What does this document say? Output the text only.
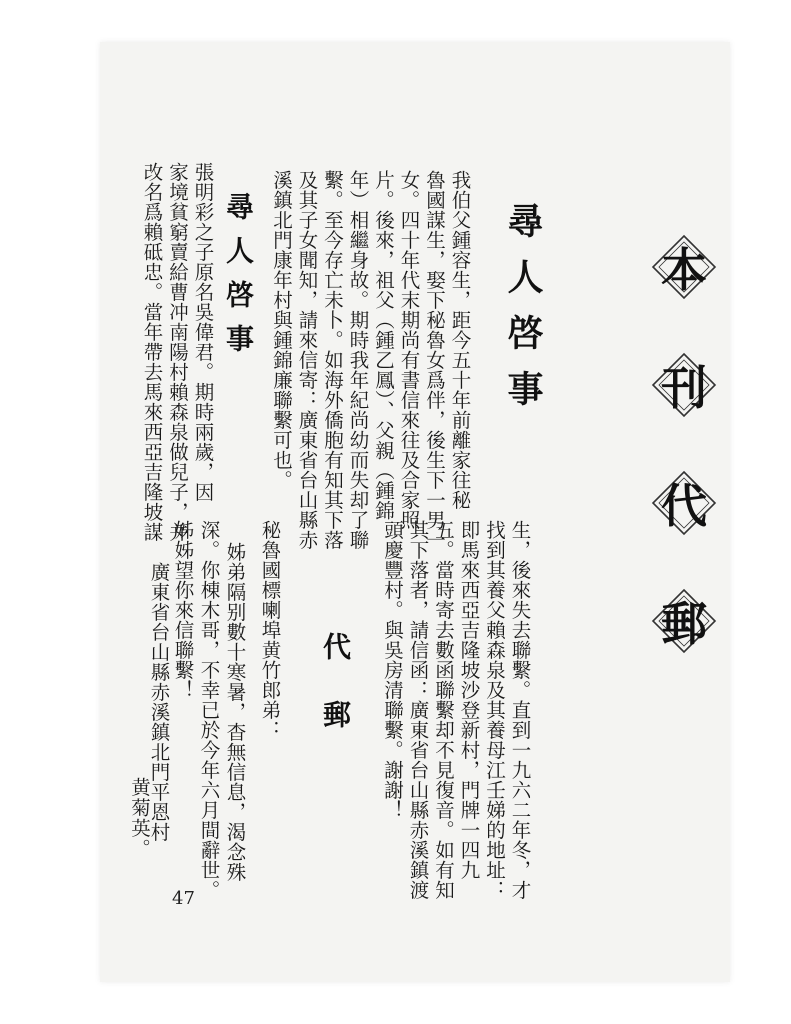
本
刊
代
郵
尋人啓事
我伯父鍾容生，距今五十年前離家往秘
魯國謀生，娶下秘魯女爲伴，後生下一男一
女。四十年代末期尚有書信來往及合家照
片。後來，祖父（鍾乙鳳）、父親（鍾錦
年）相繼身故。期時我年紀尚幼而失却了聯
繫。至今存亡未卜。如海外僑胞有知其下落
及其子女聞知，請來信寄：廣東省台山縣赤
溪鎮北門康年村與鍾錦廉聯繫可也。
尋人啓事
張明彩之子原名吳偉君。期時兩歲，因
家境貧窮賣給曹冲南陽村賴森泉做兒子，并
改名爲賴砥忠。當年帶去馬來西亞吉隆坡謀
生，後來失去聯繫。直到一九六二年冬，才
找到其養父賴森泉及其養母江壬娣的地址：
即馬來西亞吉隆坡沙登新村，門牌一四九
五。當時寄去數函聯繫却不見復音。如有知
其下落者，請信函：廣東省台山縣赤溪鎮渡
頭慶豐村。與吳房清聯繫。謝謝！
代郵
秘魯國標喇埠黄竹郎弟：
姊弟隔别數十寒暑，杳無信息，渴念殊
深。你棟木哥，不幸已於今年六月間辭世。
姊姊望你來信聯繫！
廣東省台山縣赤溪鎮北門平恩村
黄菊英。
47
